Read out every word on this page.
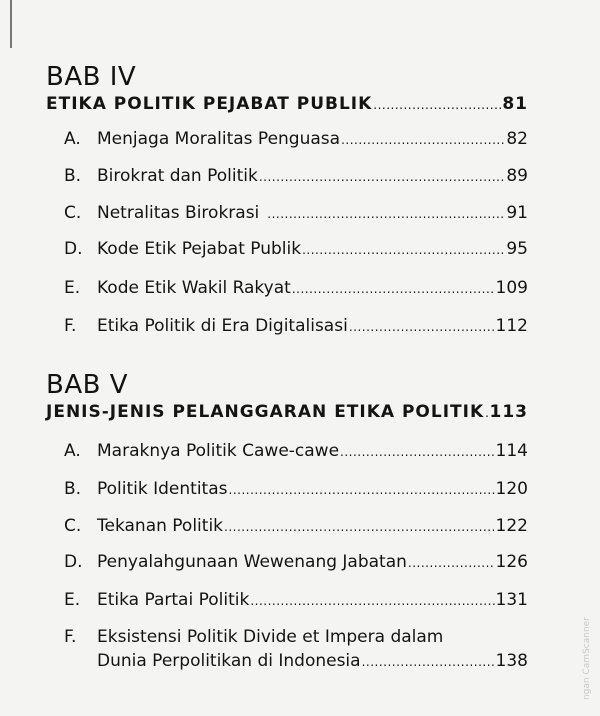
BAB IV
ETIKA POLITIK PEJABAT PUBLIK .....	81
A. Menjaga Moralitas Penguasa .....	82
B. Birokrat dan Politik .....	89
C. Netralitas Birokrasi .....	91
D. Kode Etik Pejabat Publik .....	95
E. Kode Etik Wakil Rakyat .....	109
F.	Etika Politik di Era Digitalisasi .....	112
BAB V
JENIS-JENIS PELANGGARAN ETIKA POLITIK ..... 113
A. Maraknya Politik Cawe-cawe .....	114
B. Politik Identitas .....	120
C. Tekanan Politik .....	122
D. Penyalahgunaan Wewenang Jabatan .....	126
E. Etika Partai Politik .....	131
F.	Eksistensi Politik Divide et Impera dalam
Dunia Perpolitikan di Indonesia .....	138	ngan CamScanner
